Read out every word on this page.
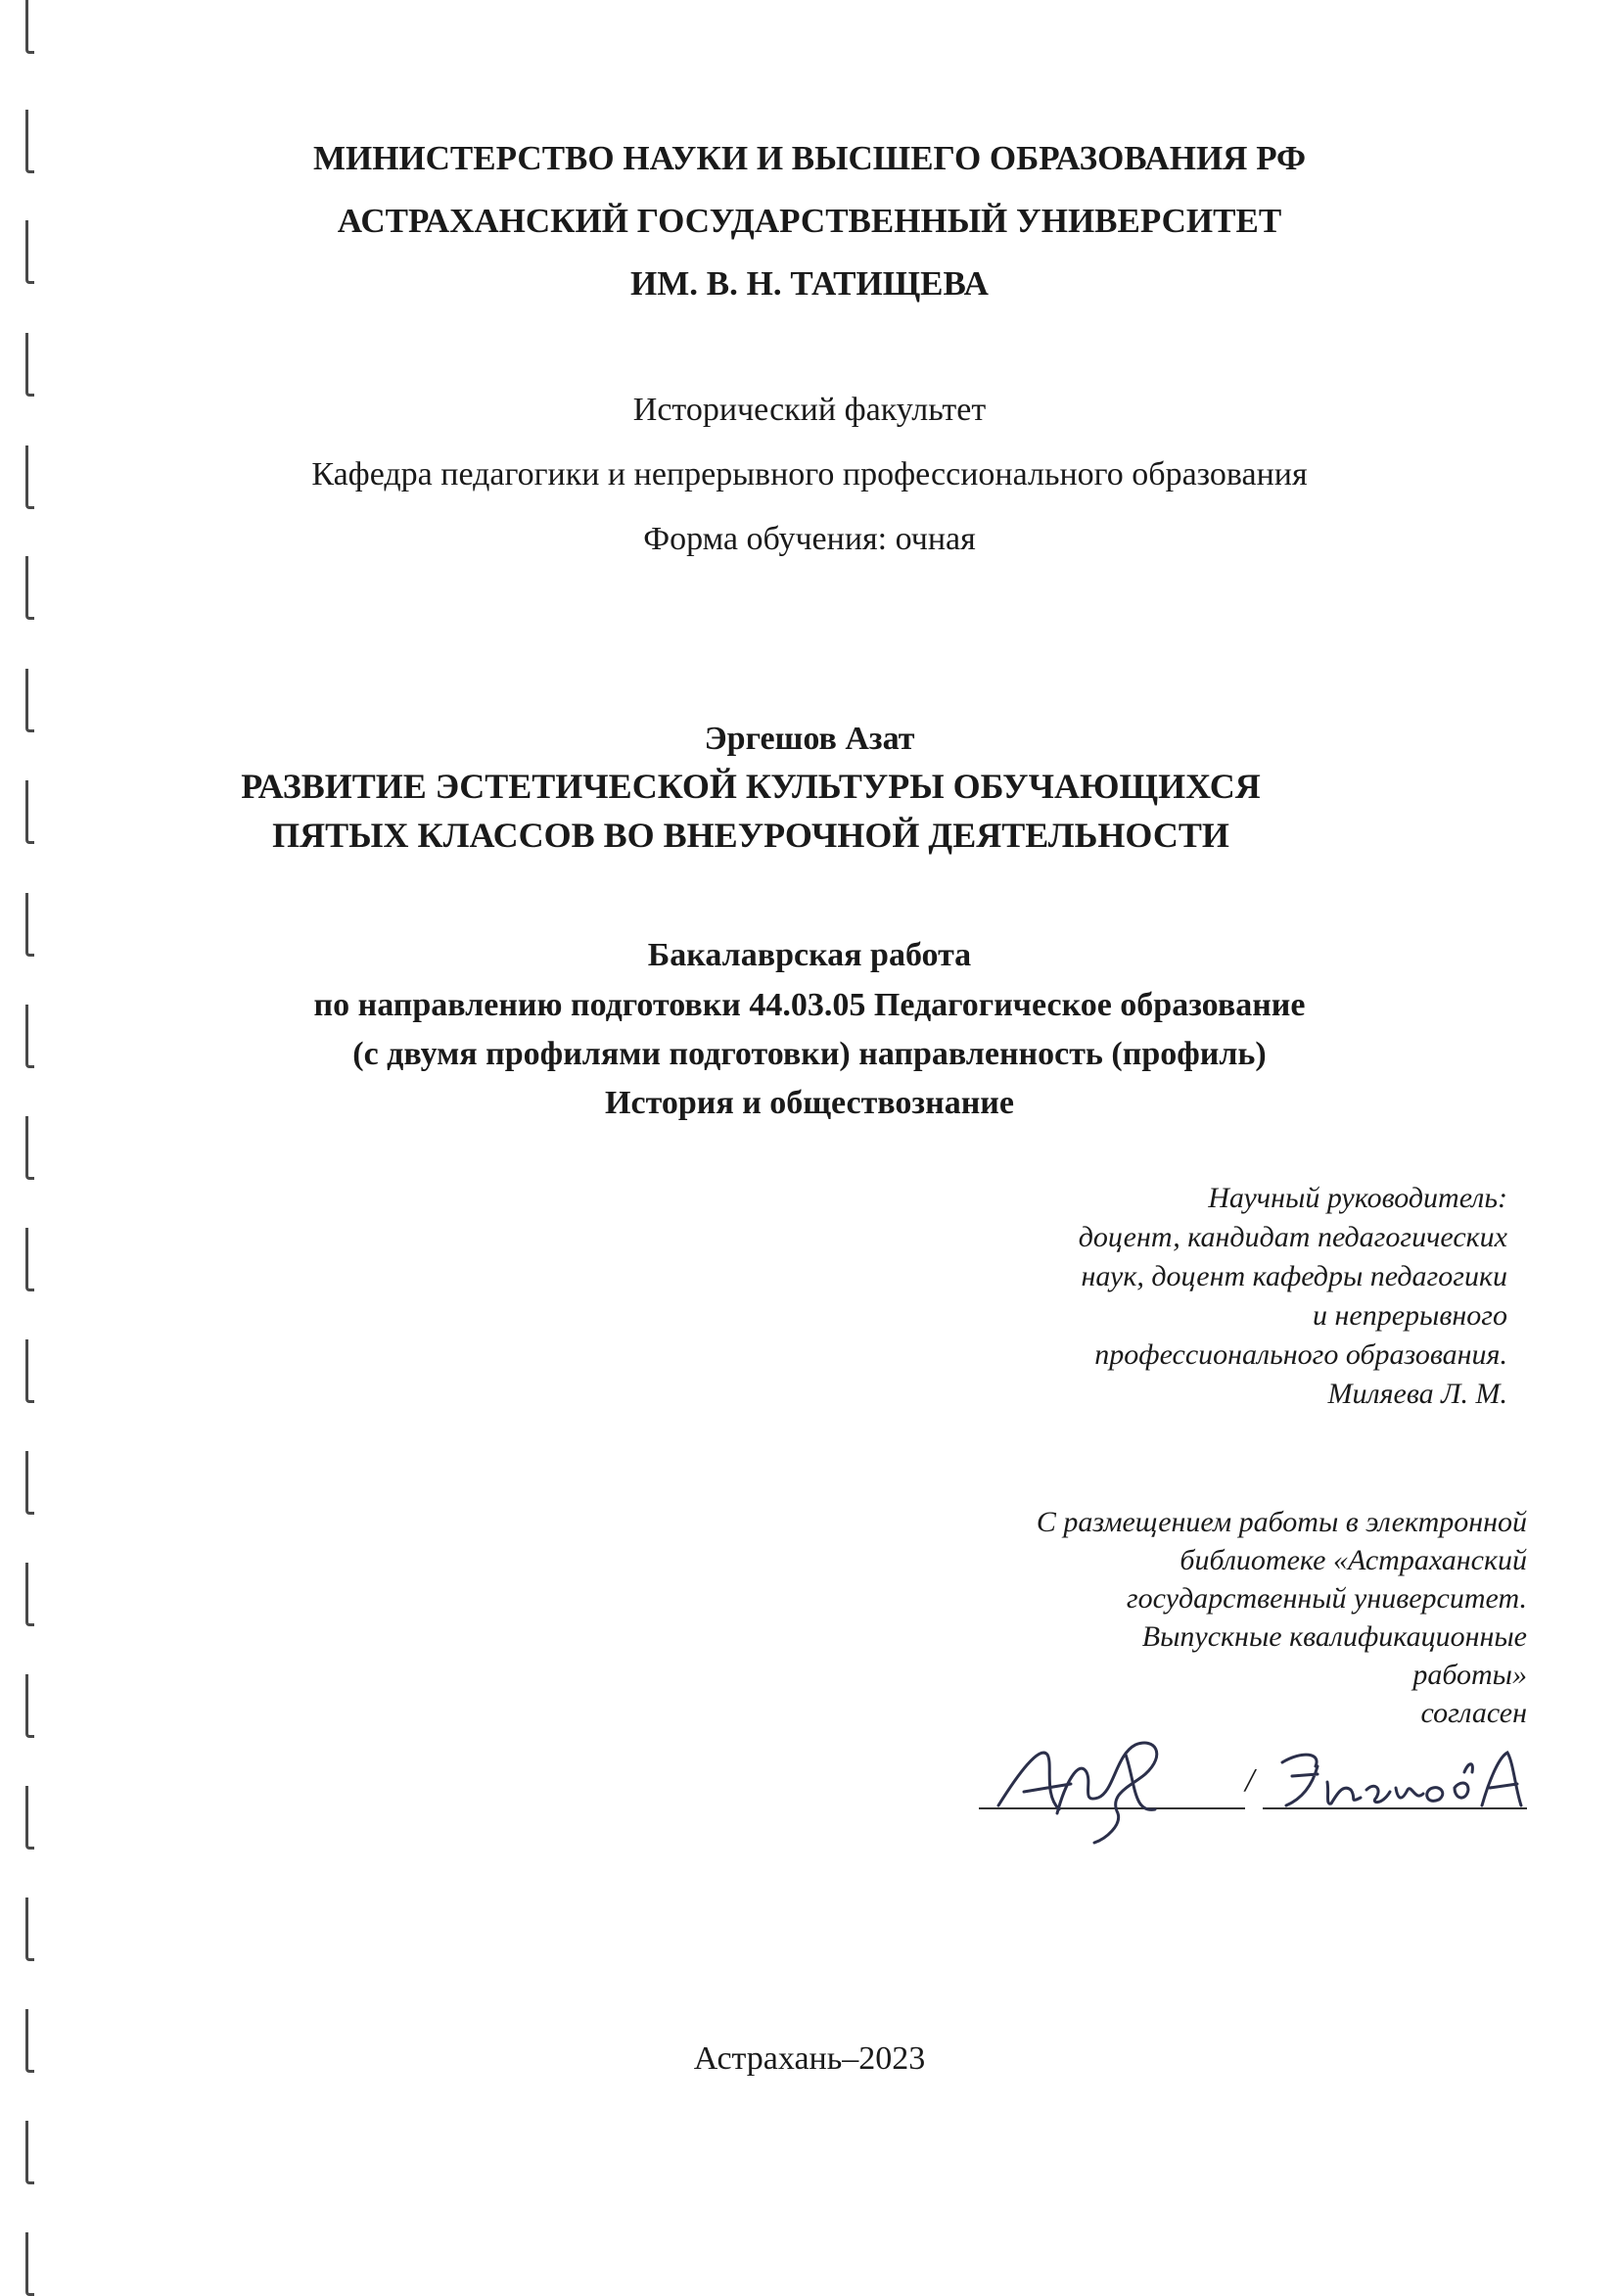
МИНИСТЕРСТВО НАУКИ И ВЫСШЕГО ОБРАЗОВАНИЯ РФ
АСТРАХАНСКИЙ ГОСУДАРСТВЕННЫЙ УНИВЕРСИТЕТ
ИМ. В. Н. ТАТИЩЕВА
Исторический факультет
Кафедра педагогики и непрерывного профессионального образования
Форма обучения: очная
Эргешов Азат
РАЗВИТИЕ ЭСТЕТИЧЕСКОЙ КУЛЬТУРЫ ОБУЧАЮЩИХСЯ
ПЯТЫХ КЛАССОВ ВО ВНЕУРОЧНОЙ ДЕЯТЕЛЬНОСТИ
Бакалаврская работа
по направлению подготовки 44.03.05 Педагогическое образование
(с двумя профилями подготовки) направленность (профиль)
История и обществознание
Научный руководитель:
доцент, кандидат педагогических
наук, доцент кафедры педагогики
и непрерывного
профессионального образования.
Миляева Л. М.
С размещением работы в электронной
библиотеке «Астраханский
государственный университет.
Выпускные квалификационные
работы»
согласен
/
Астрахань–2023
